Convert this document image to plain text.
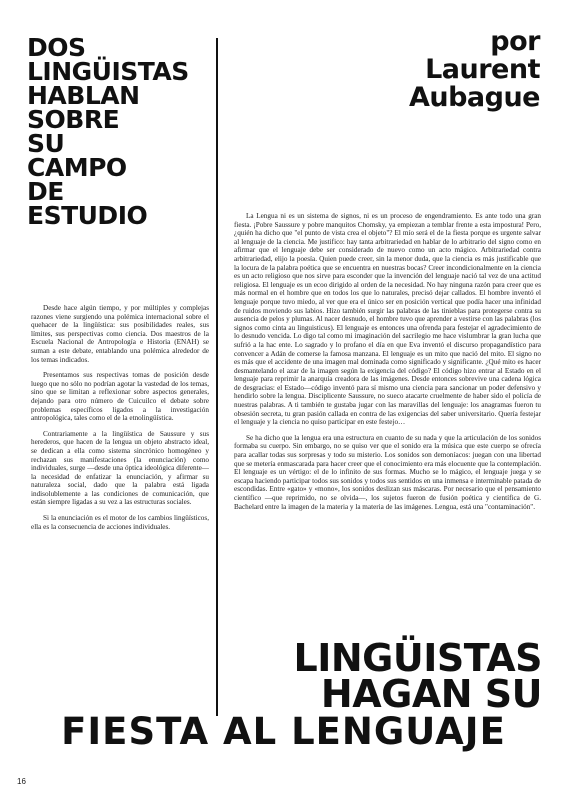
DOS
LINGÜISTAS
HABLAN
SOBRE
SU
CAMPO
DE
ESTUDIO
por
Laurent
Aubague

Desde hace algún tiempo, y por múltiples y complejas razones viene surgiendo una polémica internacional sobre el quehacer de la lingüística: sus posibilidades reales, sus límites, sus perspectivas como ciencia. Dos maestros de la Escuela Nacional de Antropología e Historia (ENAH) se suman a este debate, entablando una polémica alrededor de los temas indicados.

Presentamos sus respectivas tomas de posición desde luego que no sólo no podrían agotar la vastedad de los temas, sino que se limitan a reflexionar sobre aspectos generales, dejando para otro número de Cuicuilco el debate sobre problemas específicos ligados a la investigación antropológica, tales como el de la etnolingüística.

Contrariamente a la lingüística de Saussure y sus herederos, que hacen de la lengua un objeto abstracto ideal, se dedican a ella como sistema sincrónico homogéneo y rechazan sus manifestaciones (la enunciación) como individuales, surge —desde una óptica ideológica diferente— la necesidad de enfatizar la enunciación, y afirmar su naturaleza social, dado que la palabra está ligada indisolublemente a las condiciones de comunicación, que están siempre ligadas a su vez a las estructuras sociales.

Si la enunciación es el motor de los cambios lingüísticos, ella es la consecuencia de acciones individuales.

La Lengua ni es un sistema de signos, ni es un proceso de engendramiento. Es ante todo una gran fiesta. ¡Pobre Saussure y pobre manquitos Chomsky, ya empiezan a temblar frente a esta impostura! Pero, ¿quién ha dicho que "el punto de vista crea el objeto"? El mío será el de la fiesta porque es urgente salvar al lenguaje de la ciencia. Me justifico: hay tanta arbitrariedad en hablar de lo arbitrario del signo como en afirmar que el lenguaje debe ser considerado de nuevo como un acto mágico. Arbitrariedad contra arbitrariedad, elijo la poesía. Quien puede creer, sin la menor duda, que la ciencia es más justificable que la locura de la palabra poética que se encuentra en nuestras bocas? Creer incondicionalmente en la ciencia es un acto religioso que nos sirve para esconder que la invención del lenguaje nació tal vez de una actitud religiosa. El lenguaje es un ecoo dirigido al orden de la necesidad. No hay ninguna razón para creer que es más normal en el hombre que en todos los que lo naturales, precisó dejar callados. El hombre inventó el lenguaje porque tuvo miedo, al ver que era el único ser en posición vertical que podía hacer una infinidad de ruidos moviendo sus labios. Hizo también surgir las palabras de las tinieblas para protegerse contra su ausencia de pelos y plumas. Al nacer desnudo, el hombre tuvo que aprender a vestirse con las palabras (los signos como cinta au linguisticus). El lenguaje es entonces una ofrenda para festejar el agradecimiento de lo desnudo vencida. Lo digo tal como mi imaginación del sacrilegio me hace vislumbrar la gran lucha que sufrió a la hac ente. Lo sagrado y lo profano el día en que Eva inventó el discurso propagandístico para convencer a Adán de comerse la famosa manzana. El lenguaje es un mito que nació del mito. El signo no es más que el accidente de una imagen mal dominada como significado y significante. ¿Qué mito es hacer desmantelando el azar de la imagen según la exigencia del código? El código hizo entrar al Estado en el lenguaje para reprimir la anarquía creadora de las imágenes. Desde entonces sobrevive una cadena lógica de desgracias: el Estado—código inventó para sí mismo una ciencia para sancionar un poder defensivo y hendirlo sobre la lengua. Disciplicente Saussure, no sueco atacarte cruelmente de haber sido el policía de nuestras palabras. A ti también te gustaba jugar con las maravillas del lenguaje: los anagramas fueron tu obsesión secreta, tu gran pasión callada en contra de las exigencias del saber universitario. Quería festejar el lenguaje y la ciencia no quiso participar en este festejo…

Se ha dicho que la lengua era una estructura en cuanto de su nada y que la articulación de los sonidos formaba su cuerpo. Sin embargo, no se quiso ver que el sonido era la música que este cuerpo se ofrecía para acallar todas sus sorpresas y todo su misterio. Los sonidos son demoníacos: juegan con una libertad que se metería enmascarada para hacer creer que el conocimiento era más elocuente que la contemplación. El lenguaje es un vértigo: el de lo infinito de sus formas. Mucho se lo mágico, el lenguaje juega y se escapa haciendo participar todos sus sonidos y todos sus sentidos en una inmensa e interminable patada de escondidas. Entre «gato» y «mono», los sonidos deslizan sus máscaras. Por necesario que el pensamiento científico —que reprimido, no se olvida—, los sujetos fueron de fusión poética y científica de G. Bachelard entre la imagen de la materia y la materia de las imágenes. Lengua, está una "contaminación".

LINGÜISTAS
HAGAN SU
FIESTA AL LENGUAJE
16
